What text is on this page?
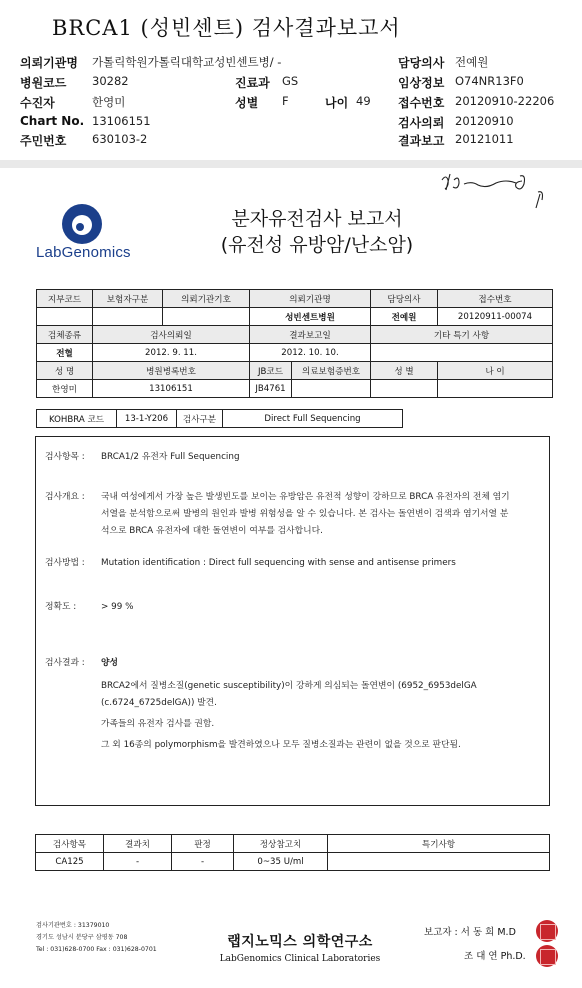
BRCA1 (성빈센트) 검사결과보고서
의뢰기관명 가톨릭학원가톨릭대학교성빈센트병/ -	담당의사 전예원
병원코드 30282	진료과 GS	임상정보 O74NR13F0
수진자	한영미	성별 F	나이 49 접수번호 20120910-22206
Chart No. 13106151	검사의뢰 20120910
주민번호 630103-2	결과보고 20121011
LabGenomics
분자유전검사 보고서
(유전성 유방암/난소암)
지부코드	보험자구분	의뢰기관기호	의뢰기관명		담당의사	접수번호
			성빈센트병원		전예원	20120911-00074
검체종류	검사의뢰일		결과보고일		기타 특기 사항	
전혈	2012. 9. 11.		2012. 10. 10.			
성 명	병원병록번호		JB코드	의료보험증번호	성 별	나 이
한영미	13106151		JB4761			
KOHBRA 코드	13-1-Y206	검사구분	Direct Full Sequencing
검사항목 :	BRCA1/2 유전자 Full Sequencing
검사개요 :	국내 여성에게서 가장 높은 발생빈도를 보이는 유방암은 유전적 성향이 강하므로 BRCA 유전자의 전체 염기
서열을 분석함으로써 발병의 원인과 발병 위험성을 알 수 있습니다. 본 검사는 돌연변이 검색과 염기서열 분
석으로 BRCA 유전자에 대한 돌연변이 여부를 검사합니다.
검사방법 :	Mutation identification : Direct full sequencing with sense and antisense primers
정확도 :	> 99 %
검사결과 :	양성
BRCA2에서 질병소질(genetic susceptibility)이 강하게 의심되는 돌연변이 (6952_6953delGA
(c.6724_6725delGA)) 발견.
가족들의 유전자 검사를 권함.
그 외 16종의 polymorphism을 발견하였으나 모두 질병소질과는 관련이 없을 것으로 판단됨.
검사항목	결과치	판정	정상참고치	특기사항
CA125	-	-	0~35 U/ml	
검사기관번호 : 31379010
경기도 성남시 분당구 삼평동 708
Tel : 031)628-0700 Fax : 031)628-0701	랩지노믹스 의학연구소
LabGenomics Clinical Laboratories
보고자 : 서 동 희 M.D
조 대 연 Ph.D.
